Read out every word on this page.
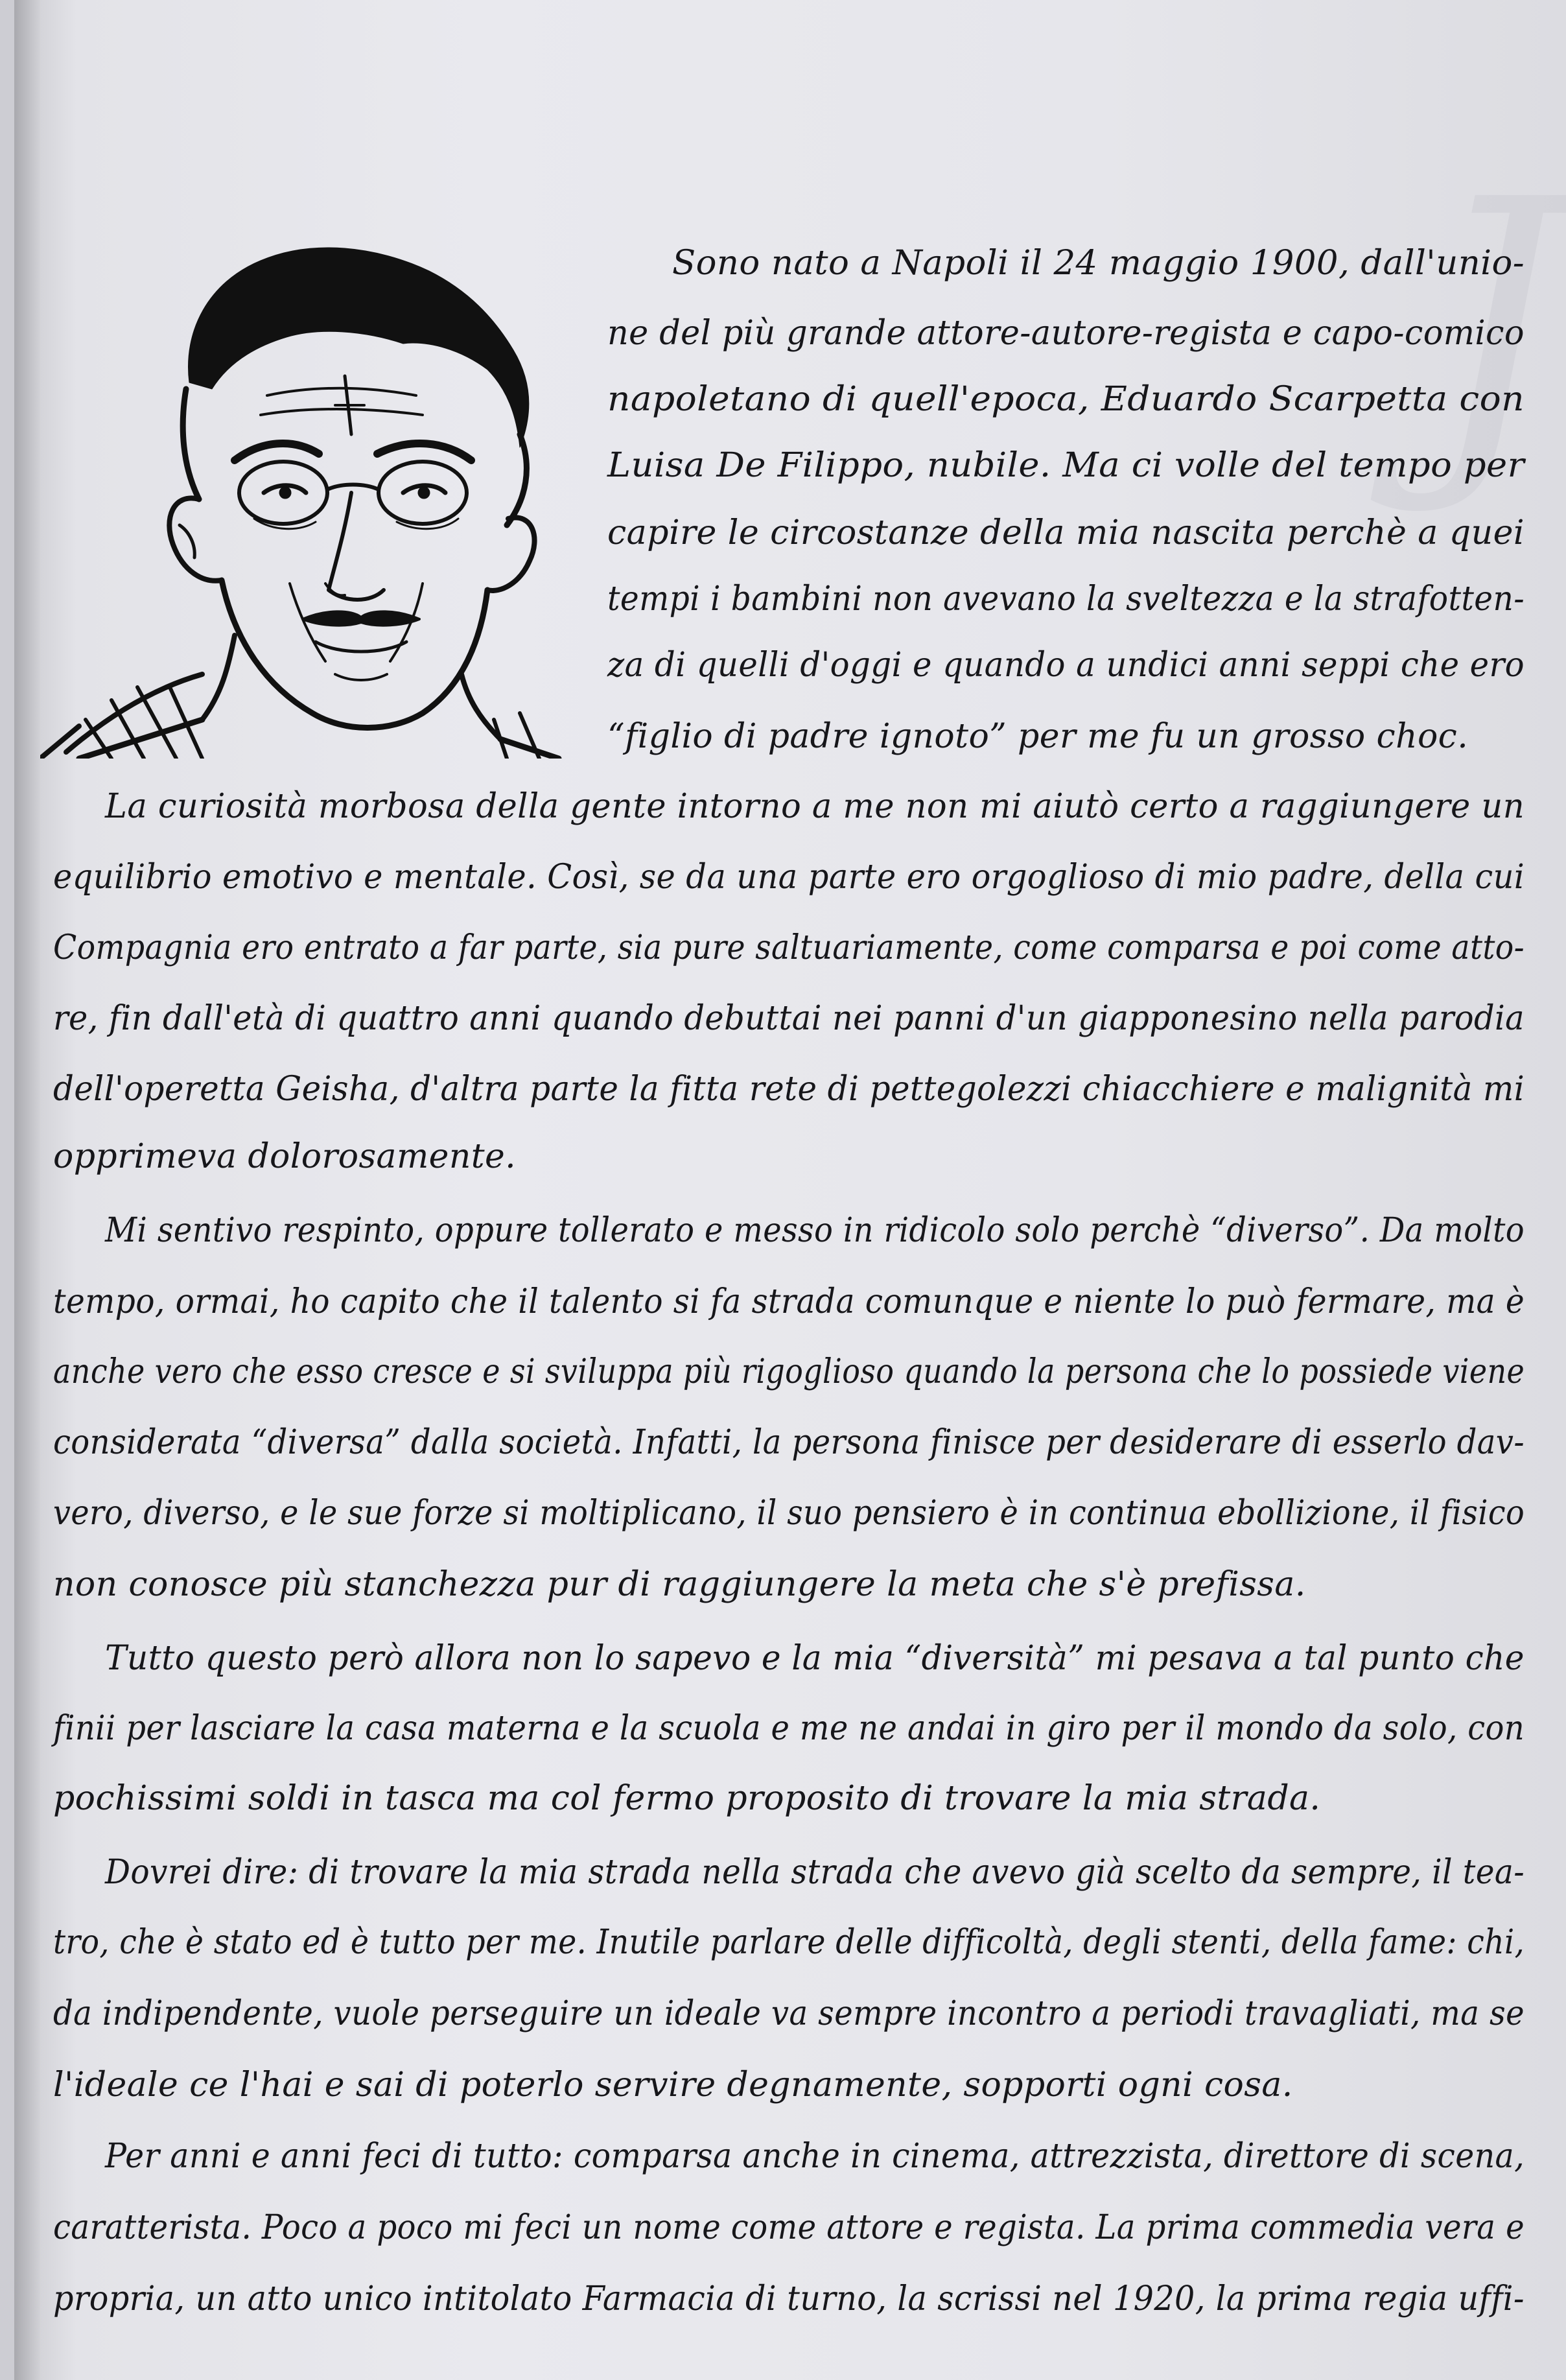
J
Sono nato a Napoli il 24 maggio 1900, dall'unio-
ne del più grande attore-autore-regista e capo-comico
napoletano di quell'epoca, Eduardo Scarpetta con
Luisa De Filippo, nubile. Ma ci volle del tempo per
capire le circostanze della mia nascita perchè a quei
tempi i bambini non avevano la sveltezza e la strafotten-
za di quelli d'oggi e quando a undici anni seppi che ero
“figlio di padre ignoto” per me fu un grosso choc.
La curiosità morbosa della gente intorno a me non mi aiutò certo a raggiungere un
equilibrio emotivo e mentale. Così, se da una parte ero orgoglioso di mio padre, della cui
Compagnia ero entrato a far parte, sia pure saltuariamente, come comparsa e poi come atto-
re, fin dall'età di quattro anni quando debuttai nei panni d'un giapponesino nella parodia
dell'operetta Geisha, d'altra parte la fitta rete di pettegolezzi chiacchiere e malignità mi
opprimeva dolorosamente.
Mi sentivo respinto, oppure tollerato e messo in ridicolo solo perchè “diverso”. Da molto
tempo, ormai, ho capito che il talento si fa strada comunque e niente lo può fermare, ma è
anche vero che esso cresce e si sviluppa più rigoglioso quando la persona che lo possiede viene
considerata “diversa” dalla società. Infatti, la persona finisce per desiderare di esserlo dav-
vero, diverso, e le sue forze si moltiplicano, il suo pensiero è in continua ebollizione, il fisico
non conosce più stanchezza pur di raggiungere la meta che s'è prefissa.
Tutto questo però allora non lo sapevo e la mia “diversità” mi pesava a tal punto che
finii per lasciare la casa materna e la scuola e me ne andai in giro per il mondo da solo, con
pochissimi soldi in tasca ma col fermo proposito di trovare la mia strada.
Dovrei dire: di trovare la mia strada nella strada che avevo già scelto da sempre, il tea-
tro, che è stato ed è tutto per me. Inutile parlare delle difficoltà, degli stenti, della fame: chi,
da indipendente, vuole perseguire un ideale va sempre incontro a periodi travagliati, ma se
l'ideale ce l'hai e sai di poterlo servire degnamente, sopporti ogni cosa.
Per anni e anni feci di tutto: comparsa anche in cinema, attrezzista, direttore di scena,
caratterista. Poco a poco mi feci un nome come attore e regista. La prima commedia vera e
propria, un atto unico intitolato Farmacia di turno, la scrissi nel 1920, la prima regia uffi-
